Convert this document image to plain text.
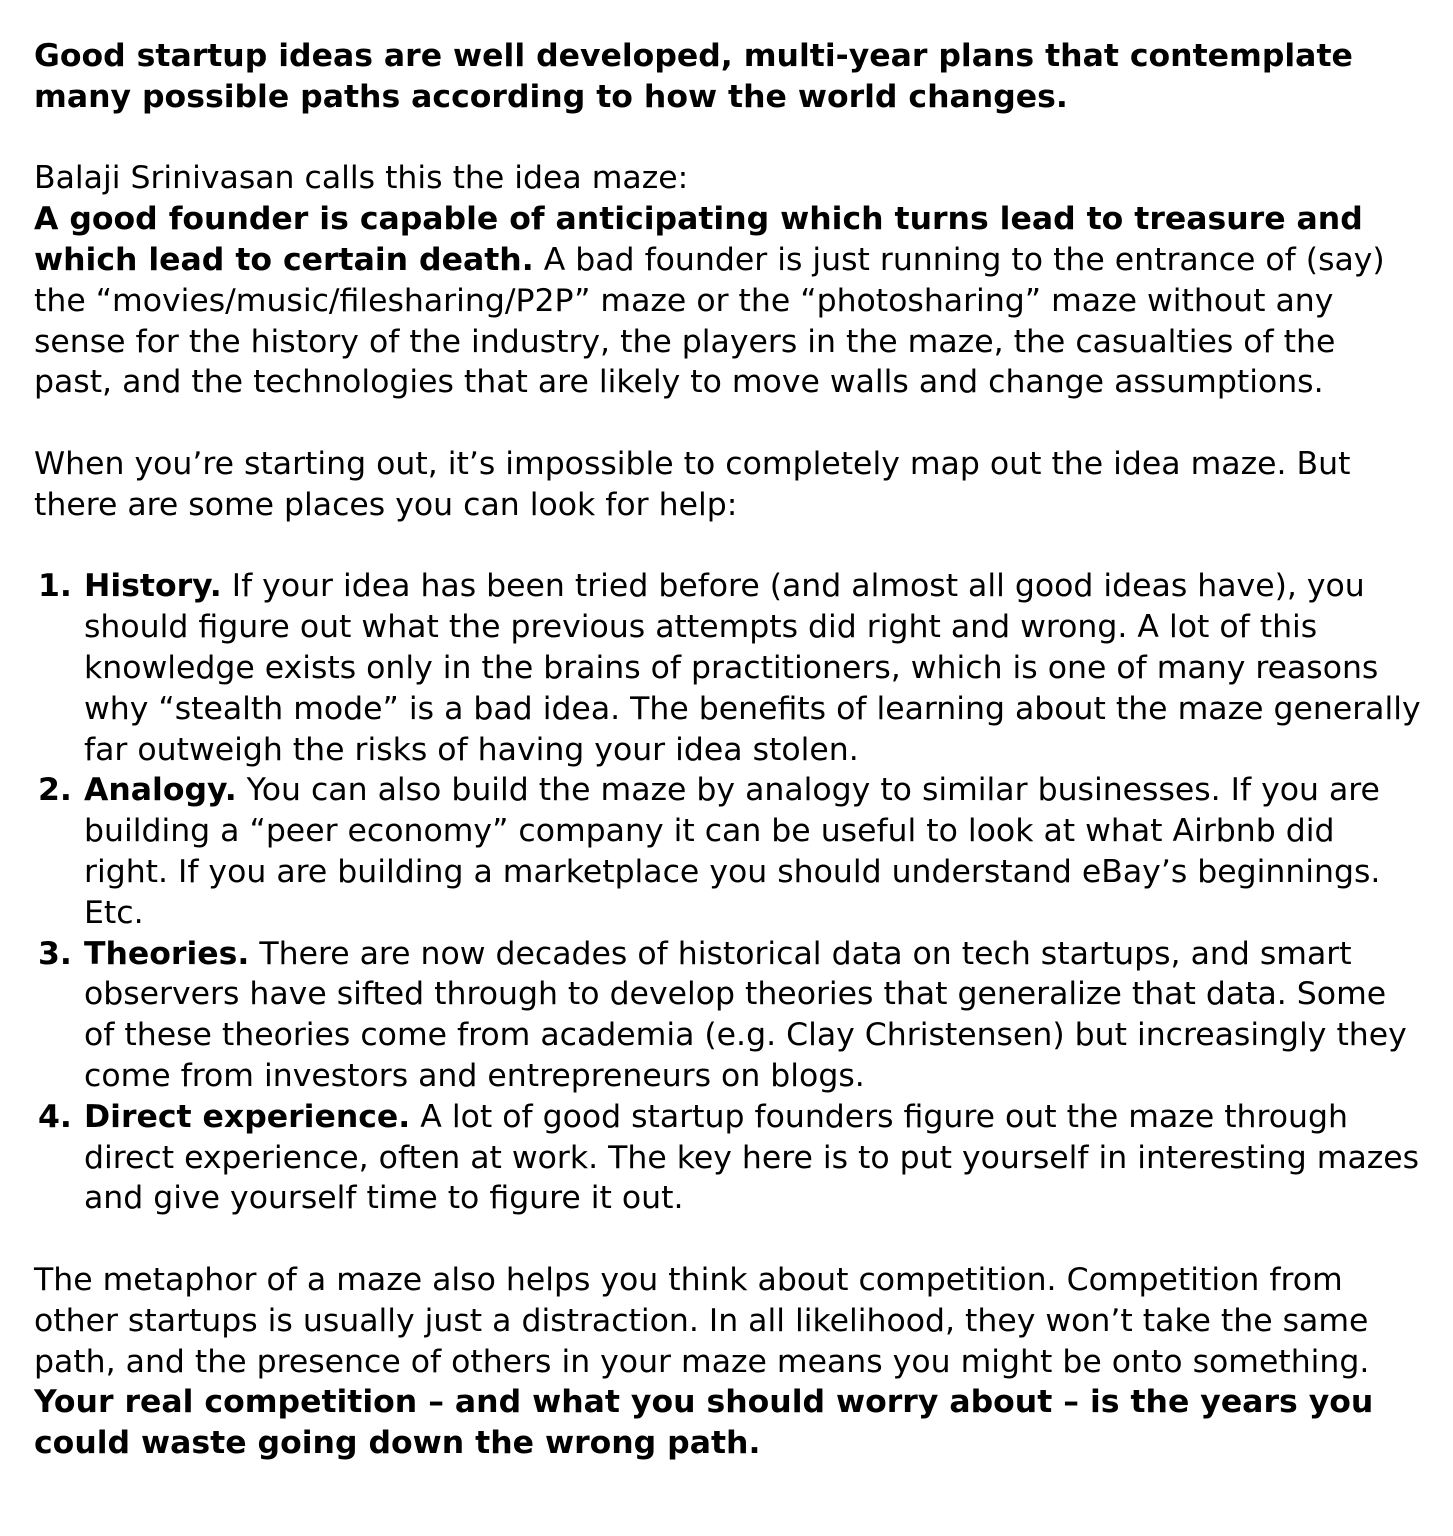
Good startup ideas are well developed, multi-year plans that contemplate many possible paths according to how the world changes.

Balaji Srinivasan calls this the idea maze:

A good founder is capable of anticipating which turns lead to treasure and which lead to certain death. A bad founder is just running to the entrance of (say) the “movies/music/filesharing/P2P” maze or the “photosharing” maze without any sense for the history of the industry, the players in the maze, the casualties of the past, and the technologies that are likely to move walls and change assumptions.

When you’re starting out, it’s impossible to completely map out the idea maze. But there are some places you can look for help:

1. History. If your idea has been tried before (and almost all good ideas have), you should figure out what the previous attempts did right and wrong. A lot of this knowledge exists only in the brains of practitioners, which is one of many reasons why “stealth mode” is a bad idea. The benefits of learning about the maze generally far outweigh the risks of having your idea stolen.
2. Analogy. You can also build the maze by analogy to similar businesses. If you are building a “peer economy” company it can be useful to look at what Airbnb did right. If you are building a marketplace you should understand eBay’s beginnings. Etc.
3. Theories. There are now decades of historical data on tech startups, and smart observers have sifted through to develop theories that generalize that data. Some of these theories come from academia (e.g. Clay Christensen) but increasingly they come from investors and entrepreneurs on blogs.
4. Direct experience. A lot of good startup founders figure out the maze through direct experience, often at work. The key here is to put yourself in interesting mazes and give yourself time to figure it out.

The metaphor of a maze also helps you think about competition. Competition from other startups is usually just a distraction. In all likelihood, they won’t take the same path, and the presence of others in your maze means you might be onto something. Your real competition – and what you should worry about – is the years you could waste going down the wrong path.
